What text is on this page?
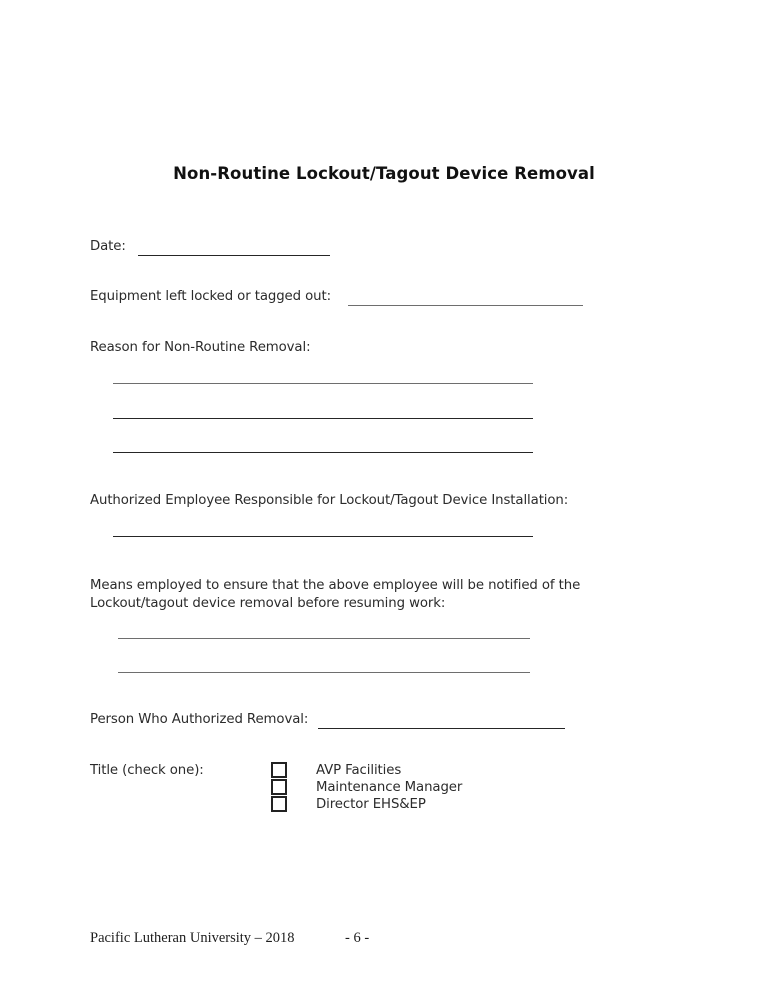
Non-Routine Lockout/Tagout Device Removal
Date:
Equipment left locked or tagged out:
Reason for Non-Routine Removal:
Authorized Employee Responsible for Lockout/Tagout Device Installation:
Means employed to ensure that the above employee will be notified of the Lockout/tagout device removal before resuming work:
Person Who Authorized Removal:
Title (check one):	AVP Facilities
Maintenance Manager
Director EHS&EP
Pacific Lutheran University – 2018	- 6 -
